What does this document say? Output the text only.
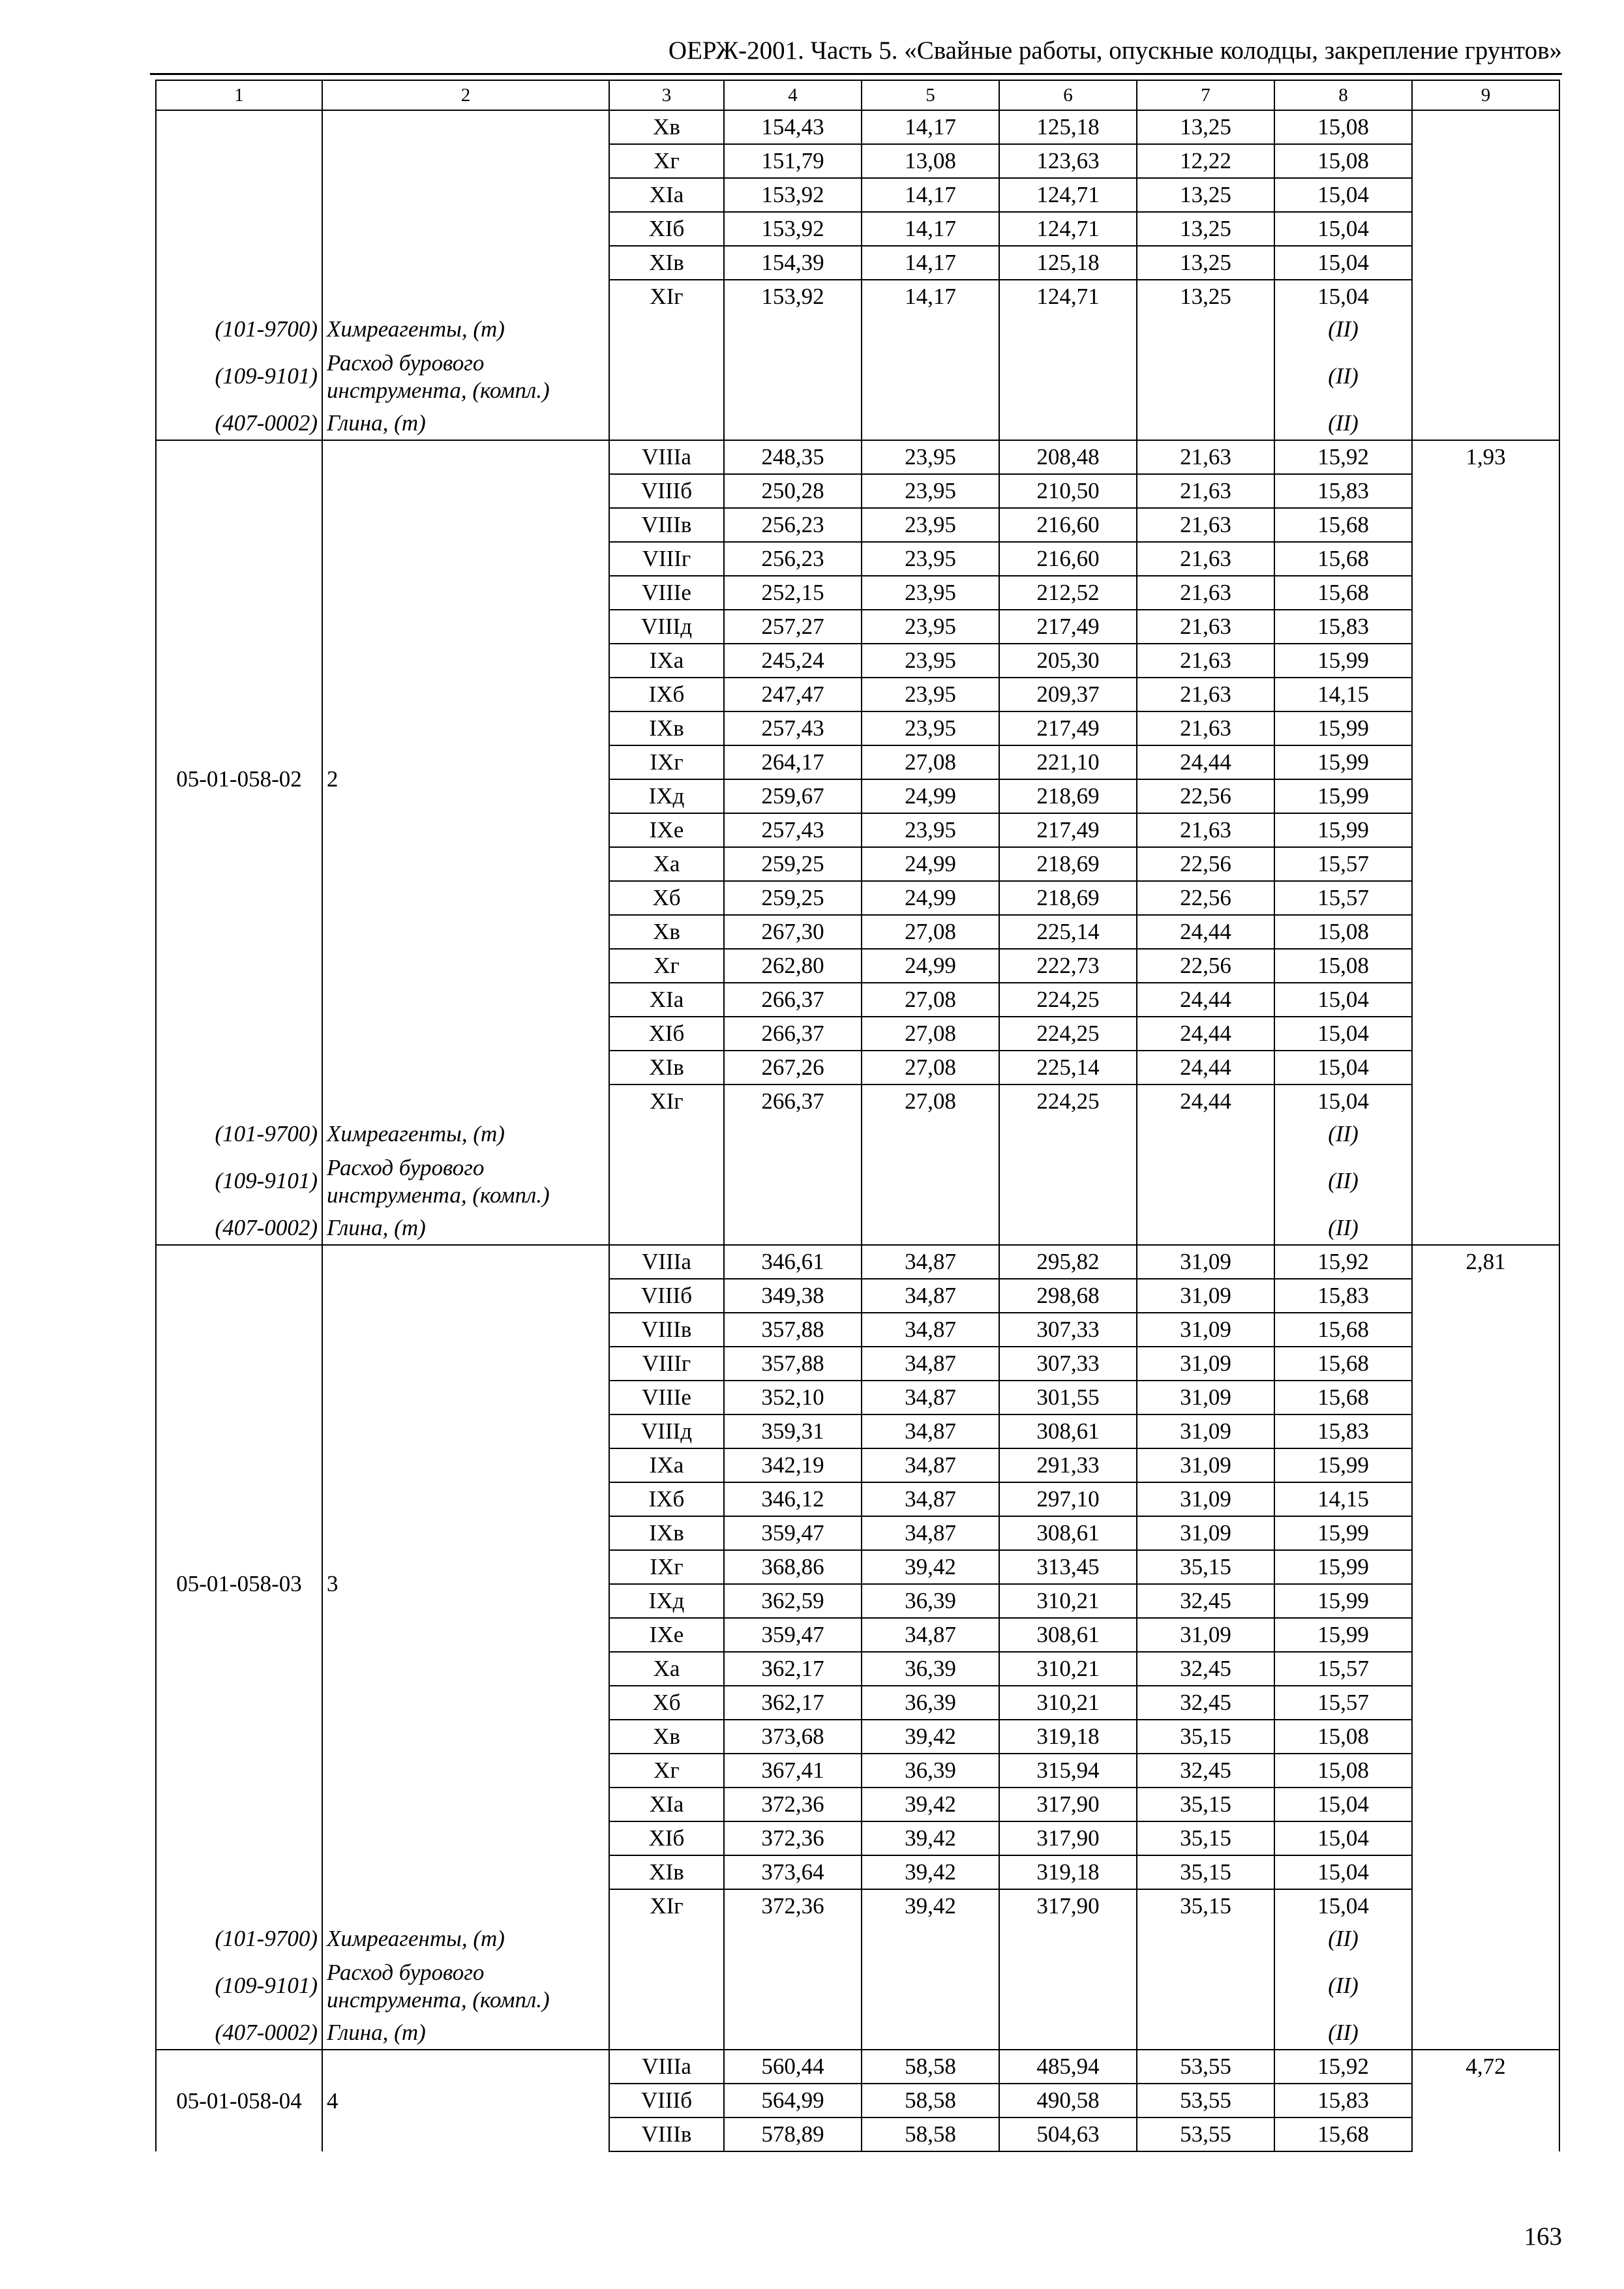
ОЕРЖ-2001. Часть 5. «Свайные работы, опускные колодцы, закрепление грунтов»
1	2	3	4	5	6	7	8	9
		Хв	154,43	14,17	125,18	13,25	15,08	
		Хг	151,79	13,08	123,63	12,22	15,08	
		ХІа	153,92	14,17	124,71	13,25	15,04	
		ХІб	153,92	14,17	124,71	13,25	15,04	
		ХІв	154,39	14,17	125,18	13,25	15,04	
		ХІг	153,92	14,17	124,71	13,25	15,04	
(101-9700)	Химреагенты, (т)						(II)	
(109-9101)	Расход бурового инструмента, (компл.)						(II)	
(407-0002)	Глина, (т)						(II)	
05-01-058-02	2	VIIIа	248,35	23,95	208,48	21,63	15,92	1,93
		VIIIб	250,28	23,95	210,50	21,63	15,83	
		VIIIв	256,23	23,95	216,60	21,63	15,68	
		VIIIг	256,23	23,95	216,60	21,63	15,68	
		VIIIе	252,15	23,95	212,52	21,63	15,68	
		VIIIд	257,27	23,95	217,49	21,63	15,83	
		IХа	245,24	23,95	205,30	21,63	15,99	
		IХб	247,47	23,95	209,37	21,63	14,15	
		IХв	257,43	23,95	217,49	21,63	15,99	
		IХг	264,17	27,08	221,10	24,44	15,99	
		IХд	259,67	24,99	218,69	22,56	15,99	
		IХе	257,43	23,95	217,49	21,63	15,99	
		Ха	259,25	24,99	218,69	22,56	15,57	
		Хб	259,25	24,99	218,69	22,56	15,57	
		Хв	267,30	27,08	225,14	24,44	15,08	
		Хг	262,80	24,99	222,73	22,56	15,08	
		ХІа	266,37	27,08	224,25	24,44	15,04	
		ХІб	266,37	27,08	224,25	24,44	15,04	
		ХІв	267,26	27,08	225,14	24,44	15,04	
		ХІг	266,37	27,08	224,25	24,44	15,04	
(101-9700)	Химреагенты, (т)						(II)	
(109-9101)	Расход бурового инструмента, (компл.)						(II)	
(407-0002)	Глина, (т)						(II)	
05-01-058-03	3	VIIIа	346,61	34,87	295,82	31,09	15,92	2,81
		VIIIб	349,38	34,87	298,68	31,09	15,83	
		VIIIв	357,88	34,87	307,33	31,09	15,68	
		VIIIг	357,88	34,87	307,33	31,09	15,68	
		VIIIе	352,10	34,87	301,55	31,09	15,68	
		VIIIд	359,31	34,87	308,61	31,09	15,83	
		IХа	342,19	34,87	291,33	31,09	15,99	
		IХб	346,12	34,87	297,10	31,09	14,15	
		IХв	359,47	34,87	308,61	31,09	15,99	
		IХг	368,86	39,42	313,45	35,15	15,99	
		IХд	362,59	36,39	310,21	32,45	15,99	
		IХе	359,47	34,87	308,61	31,09	15,99	
		Ха	362,17	36,39	310,21	32,45	15,57	
		Хб	362,17	36,39	310,21	32,45	15,57	
		Хв	373,68	39,42	319,18	35,15	15,08	
		Хг	367,41	36,39	315,94	32,45	15,08	
		ХІа	372,36	39,42	317,90	35,15	15,04	
		ХІб	372,36	39,42	317,90	35,15	15,04	
		ХІв	373,64	39,42	319,18	35,15	15,04	
		ХІг	372,36	39,42	317,90	35,15	15,04	
(101-9700)	Химреагенты, (т)						(II)	
(109-9101)	Расход бурового инструмента, (компл.)						(II)	
(407-0002)	Глина, (т)						(II)	
05-01-058-04	4	VIIIа	560,44	58,58	485,94	53,55	15,92	4,72
		VIIIб	564,99	58,58	490,58	53,55	15,83	
		VIIIв	578,89	58,58	504,63	53,55	15,68	
163
